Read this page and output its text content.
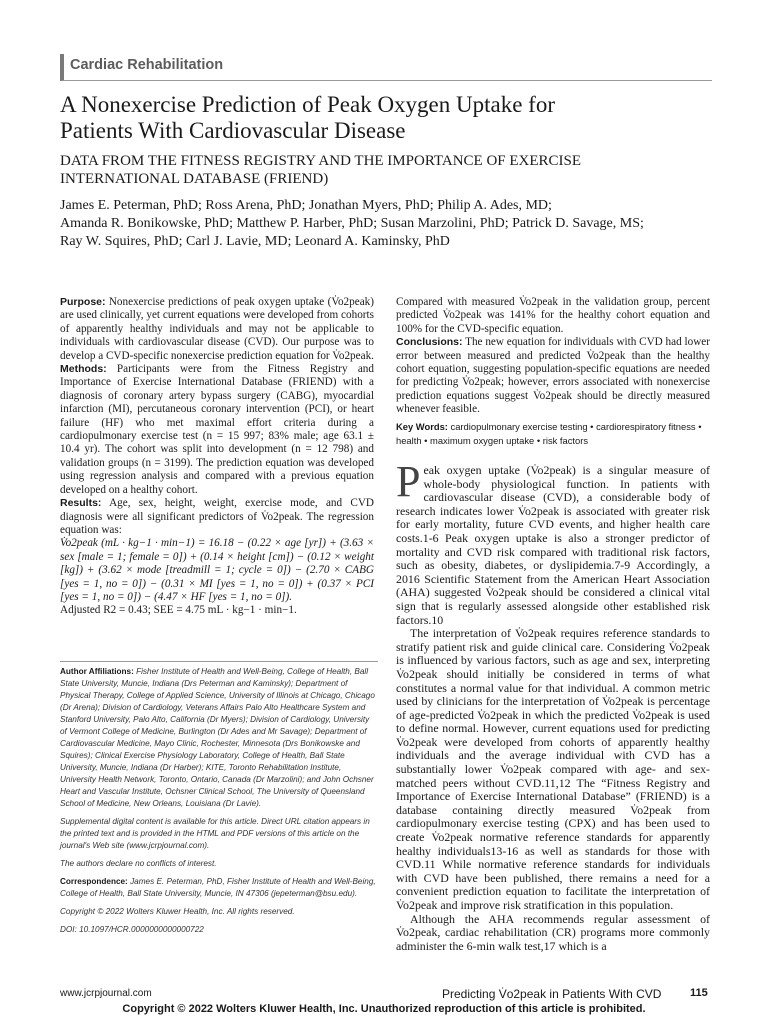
Cardiac Rehabilitation
A Nonexercise Prediction of Peak Oxygen Uptake for
Patients With Cardiovascular Disease
DATA FROM THE FITNESS REGISTRY AND THE IMPORTANCE OF EXERCISE
INTERNATIONAL DATABASE (FRIEND)
James E. Peterman, PhD; Ross Arena, PhD; Jonathan Myers, PhD; Philip A. Ades, MD;
Amanda R. Bonikowske, PhD; Matthew P. Harber, PhD; Susan Marzolini, PhD; Patrick D. Savage, MS;
Ray W. Squires, PhD; Carl J. Lavie, MD; Leonard A. Kaminsky, PhD

Purpose: Nonexercise predictions of peak oxygen uptake (V̇o2peak) are used clinically, yet current equations were developed from cohorts of apparently healthy individuals and may not be applicable to individuals with cardiovascular disease (CVD). Our purpose was to develop a CVD-specific nonexercise prediction equation for V̇o2peak.

Methods: Participants were from the Fitness Registry and Importance of Exercise International Database (FRIEND) with a diagnosis of coronary artery bypass surgery (CABG), myocardial infarction (MI), percutaneous coronary intervention (PCI), or heart failure (HF) who met maximal effort criteria during a cardiopulmonary exercise test (n = 15 997; 83% male; age 63.1 ± 10.4 yr). The cohort was split into development (n = 12 798) and validation groups (n = 3199). The prediction equation was developed using regression analysis and compared with a previous equation developed on a healthy cohort.

Results: Age, sex, height, weight, exercise mode, and CVD diagnosis were all significant predictors of V̇o2peak. The regression equation was:

V̇o2peak (mL · kg−1 · min−1) = 16.18 − (0.22 × age [yr]) + (3.63 × sex [male = 1; female = 0]) + (0.14 × height [cm]) − (0.12 × weight [kg]) + (3.62 × mode [treadmill = 1; cycle = 0]) − (2.70 × CABG [yes = 1, no = 0]) − (0.31 × MI [yes = 1, no = 0]) + (0.37 × PCI [yes = 1, no = 0]) − (4.47 × HF [yes = 1, no = 0]).

Adjusted R2 = 0.43; SEE = 4.75 mL · kg−1 · min−1.

Author Affiliations: Fisher Institute of Health and Well-Being, College of Health, Ball State University, Muncie, Indiana (Drs Peterman and Kaminsky); Department of Physical Therapy, College of Applied Science, University of Illinois at Chicago, Chicago (Dr Arena); Division of Cardiology, Veterans Affairs Palo Alto Healthcare System and Stanford University, Palo Alto, California (Dr Myers); Division of Cardiology, University of Vermont College of Medicine, Burlington (Dr Ades and Mr Savage); Department of Cardiovascular Medicine, Mayo Clinic, Rochester, Minnesota (Drs Bonikowske and Squires); Clinical Exercise Physiology Laboratory, College of Health, Ball State University, Muncie, Indiana (Dr Harber); KITE, Toronto Rehabilitation Institute, University Health Network, Toronto, Ontario, Canada (Dr Marzolini); and John Ochsner Heart and Vascular Institute, Ochsner Clinical School, The University of Queensland School of Medicine, New Orleans, Louisiana (Dr Lavie).

Supplemental digital content is available for this article. Direct URL citation appears in the printed text and is provided in the HTML and PDF versions of this article on the journal's Web site (www.jcrpjournal.com).

The authors declare no conflicts of interest.

Correspondence: James E. Peterman, PhD, Fisher Institute of Health and Well-Being, College of Health, Ball State University, Muncie, IN 47306 (jepeterman@bsu.edu).

Copyright © 2022 Wolters Kluwer Health, Inc. All rights reserved.

DOI: 10.1097/HCR.0000000000000722

Compared with measured V̇o2peak in the validation group, percent predicted V̇o2peak was 141% for the healthy cohort equation and 100% for the CVD-specific equation.

Conclusions: The new equation for individuals with CVD had lower error between measured and predicted V̇o2peak than the healthy cohort equation, suggesting population-specific equations are needed for predicting V̇o2peak; however, errors associated with nonexercise prediction equations suggest V̇o2peak should be directly measured whenever feasible.

Key Words: cardiopulmonary exercise testing • cardiorespiratory fitness • health • maximum oxygen uptake • risk factors

Peak oxygen uptake (V̇o2peak) is a singular measure of whole-body physiological function. In patients with cardiovascular disease (CVD), a considerable body of research indicates lower V̇o2peak is associated with greater risk for early mortality, future CVD events, and higher health care costs.1-6 Peak oxygen uptake is also a stronger predictor of mortality and CVD risk compared with traditional risk factors, such as obesity, diabetes, or dyslipidemia.7-9 Accordingly, a 2016 Scientific Statement from the American Heart Association (AHA) suggested V̇o2peak should be considered a clinical vital sign that is regularly assessed alongside other established risk factors.10

The interpretation of V̇o2peak requires reference standards to stratify patient risk and guide clinical care. Considering V̇o2peak is influenced by various factors, such as age and sex, interpreting V̇o2peak should initially be considered in terms of what constitutes a normal value for that individual. A common metric used by clinicians for the interpretation of V̇o2peak is percentage of age-predicted V̇o2peak in which the predicted V̇o2peak is used to define normal. However, current equations used for predicting V̇o2peak were developed from cohorts of apparently healthy individuals and the average individual with CVD has a substantially lower V̇o2peak compared with age- and sex-matched peers without CVD.11,12 The “Fitness Registry and Importance of Exercise International Database” (FRIEND) is a database containing directly measured V̇o2peak from cardiopulmonary exercise testing (CPX) and has been used to create V̇o2peak normative reference standards for apparently healthy individuals13-16 as well as standards for those with CVD.11 While normative reference standards for individuals with CVD have been published, there remains a need for a convenient prediction equation to facilitate the interpretation of V̇o2peak and improve risk stratification in this population.

Although the AHA recommends regular assessment of V̇o2peak, cardiac rehabilitation (CR) programs more commonly administer the 6-min walk test,17 which is a

www.jcrpjournal.com	Predicting V̇o2peak in Patients With CVD	115
Copyright © 2022 Wolters Kluwer Health, Inc. Unauthorized reproduction of this article is prohibited.
